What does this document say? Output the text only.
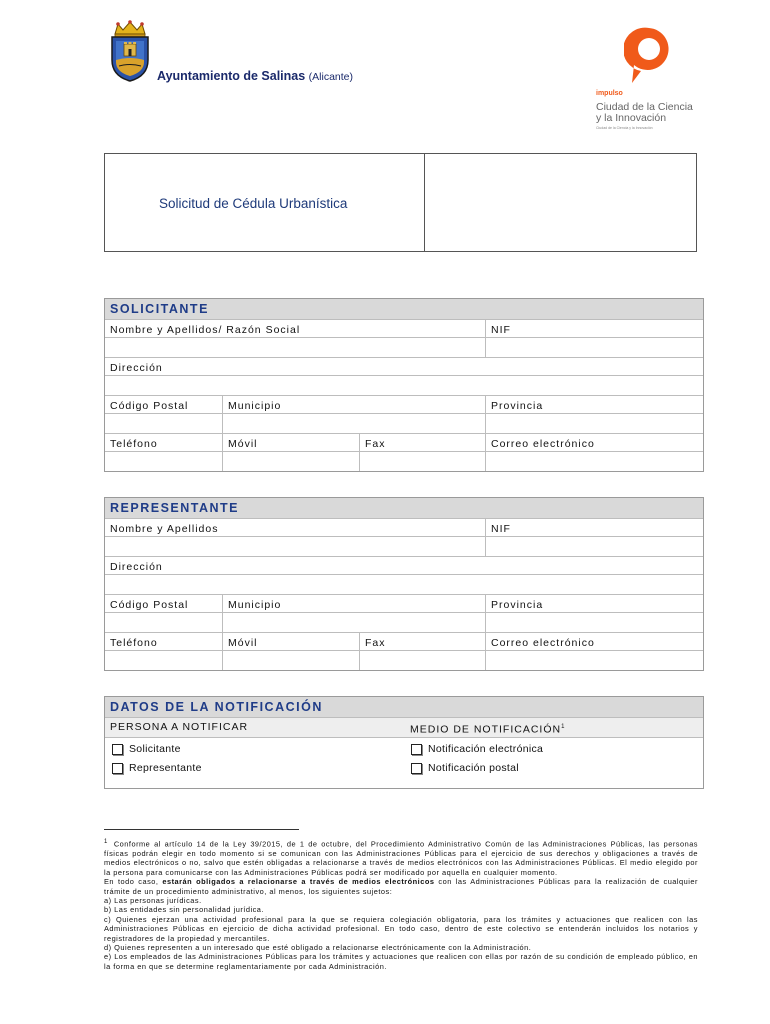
Ayuntamiento de Salinas (Alicante)
impulso
Ciudad de la Ciencia
y la Innovación
Ciudad de la Ciencia y la Innovación
Solicitud de Cédula Urbanística
SOLICITANTE
Nombre y Apellidos/ Razón Social	NIF
Dirección
Código Postal	Municipio	Provincia
Teléfono	Móvil	Fax	Correo electrónico
REPRESENTANTE
Nombre y Apellidos	NIF
Dirección
Código Postal	Municipio	Provincia
Teléfono	Móvil	Fax	Correo electrónico
DATOS DE LA NOTIFICACIÓN
PERSONA A NOTIFICAR	MEDIO DE NOTIFICACIÓN$^1$
Solicitante
Representante
Notificación electrónica
Notificación postal

$^1$ Conforme al artículo 14 de la Ley 39/2015, de 1 de octubre, del Procedimiento Administrativo Común de las Administraciones Públicas, las personas físicas podrán elegir en todo momento si se comunican con las Administraciones Públicas para el ejercicio de sus derechos y obligaciones a través de medios electrónicos o no, salvo que estén obligadas a relacionarse a través de medios electrónicos con las Administraciones Públicas. El medio elegido por la persona para comunicarse con las Administraciones Públicas podrá ser modificado por aquella en cualquier momento.

En todo caso, estarán obligados a relacionarse a través de medios electrónicos con las Administraciones Públicas para la realización de cualquier trámite de un procedimiento administrativo, al menos, los siguientes sujetos:

a) Las personas jurídicas.

b) Las entidades sin personalidad jurídica.

c) Quienes ejerzan una actividad profesional para la que se requiera colegiación obligatoria, para los trámites y actuaciones que realicen con las Administraciones Públicas en ejercicio de dicha actividad profesional. En todo caso, dentro de este colectivo se entenderán incluidos los notarios y registradores de la propiedad y mercantiles.

d) Quienes representen a un interesado que esté obligado a relacionarse electrónicamente con la Administración.

e) Los empleados de las Administraciones Públicas para los trámites y actuaciones que realicen con ellas por razón de su condición de empleado público, en la forma en que se determine reglamentariamente por cada Administración.
